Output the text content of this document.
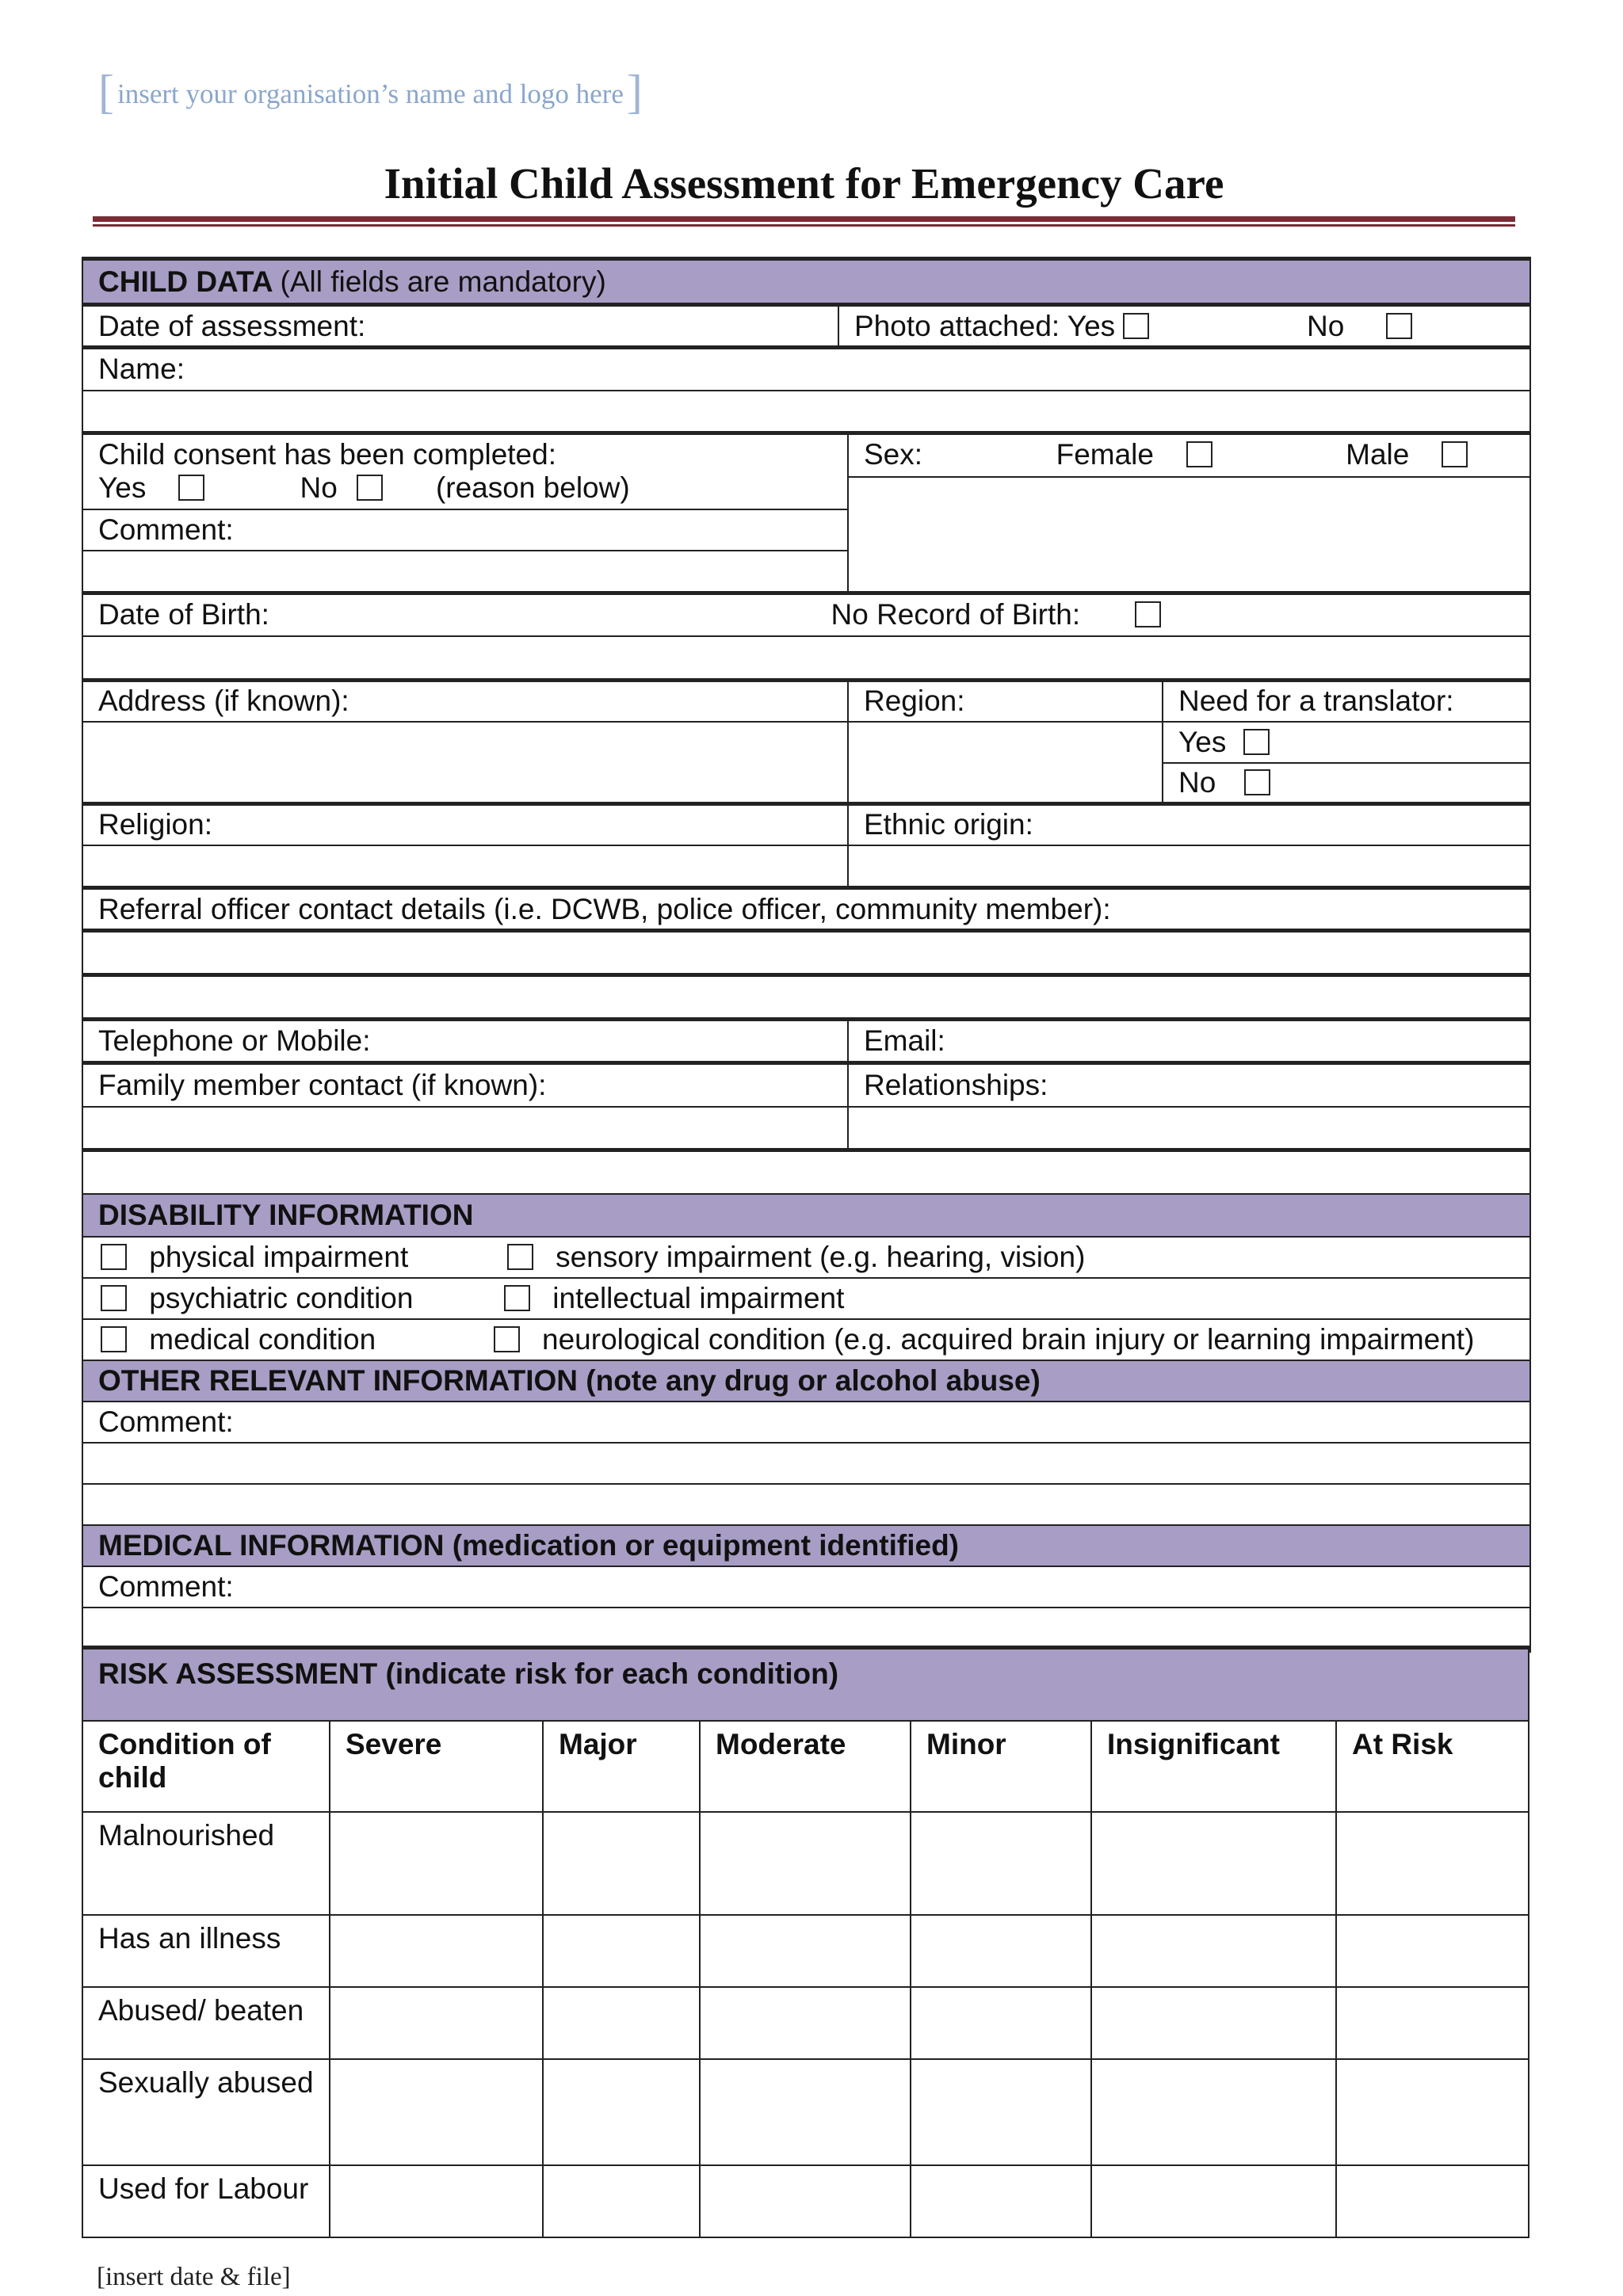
[ insert your organisation’s name and logo here ]
Initial Child Assessment for Emergency Care
CHILD DATA (All fields are mandatory)			
Date of assessment:	Photo attached: Yes No		
Name:			

Child consent has been completed:
Yes No (reason below)		Sex: Female Male	

Comment:			

Date of Birth: No Record of Birth:			

Address (if known):		Region:	Need for a translator:
			Yes
			No
Religion:		Ethnic origin:	

Referral officer contact details (i.e. DCWB, police officer, community member):			

Telephone or Mobile:		Email:	
Family member contact (if known):		Relationships:	

DISABILITY INFORMATION			
physical impairment sensory impairment (e.g. hearing, vision)			
psychiatric condition intellectual impairment			
medical condition neurological condition (e.g. acquired brain injury or learning impairment)			
OTHER RELEVANT INFORMATION (note any drug or alcohol abuse)			
Comment:			

MEDICAL INFORMATION (medication or equipment identified)			
Comment:			

RISK ASSESSMENT (indicate risk for each condition)						
Condition of child	Severe	Major	Moderate	Minor	Insignificant	At Risk
Malnourished						
Has an illness						
Abused/ beaten						
Sexually abused						
Used for Labour						
[insert date & file]
